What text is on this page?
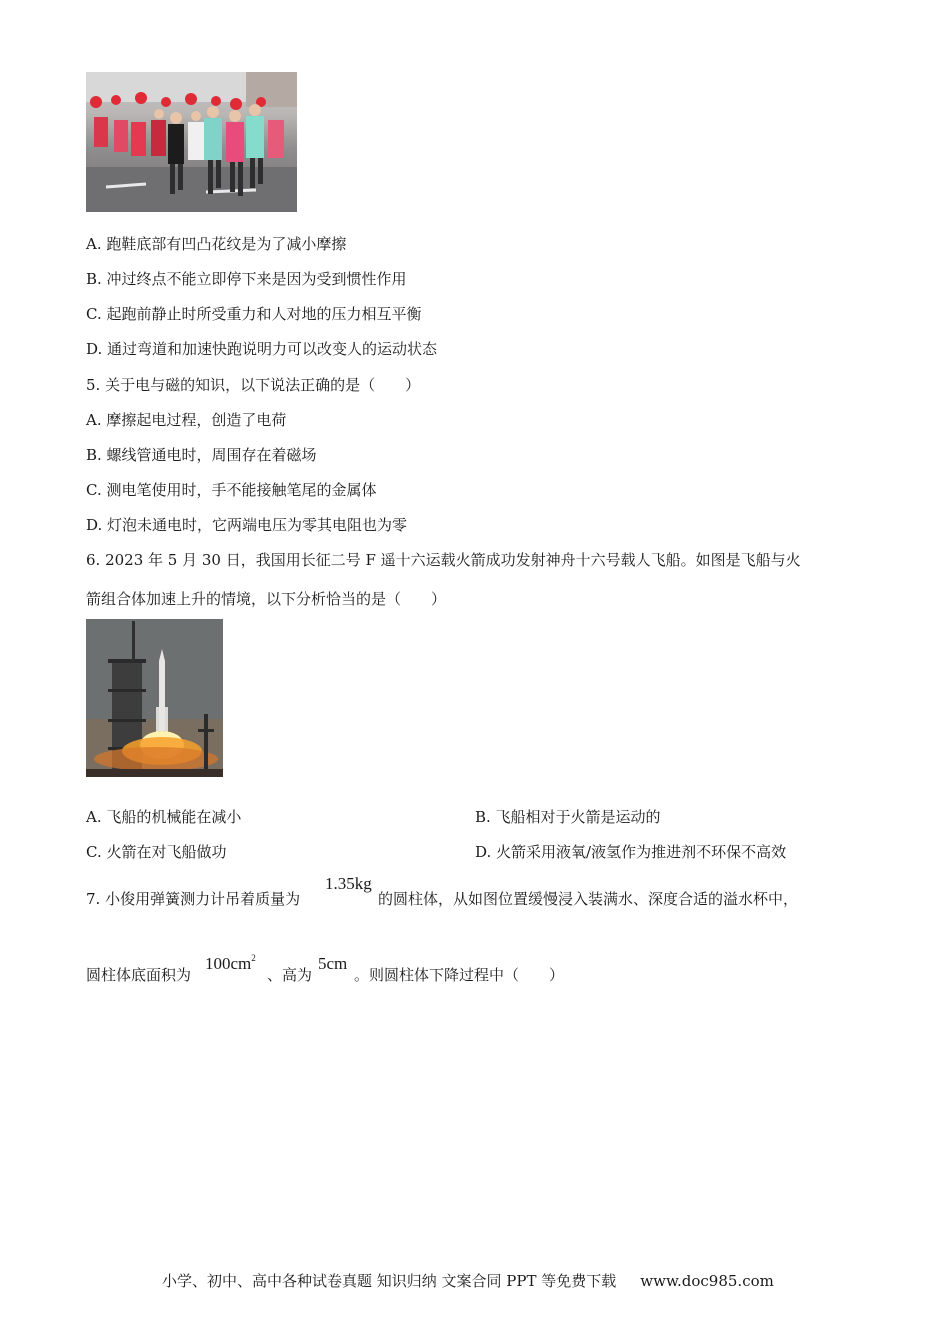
A. 跑鞋底部有凹凸花纹是为了减小摩擦
B. 冲过终点不能立即停下来是因为受到惯性作用
C. 起跑前静止时所受重力和人对地的压力相互平衡
D. 通过弯道和加速快跑说明力可以改变人的运动状态
5. 关于电与磁的知识，以下说法正确的是（　　）
A. 摩擦起电过程，创造了电荷
B. 螺线管通电时，周围存在着磁场
C. 测电笔使用时，手不能接触笔尾的金属体
D. 灯泡未通电时，它两端电压为零其电阻也为零
6. 2023 年 5 月 30 日，我国用长征二号 F 遥十六运载火箭成功发射神舟十六号载人飞船。如图是飞船与火
箭组合体加速上升的情境，以下分析恰当的是（　　）
A. 飞船的机械能在减小	B. 飞船相对于火箭是运动的
C. 火箭在对飞船做功	D. 火箭采用液氧/液氢作为推进剂不环保不高效
7. 小俊用弹簧测力计吊着质量为
1.35kg
的圆柱体，从如图位置缓慢浸入装满水、深度合适的溢水杯中，
圆柱体底面积为
$100cm^2$
、高为
5cm
。则圆柱体下降过程中（　　）
小学、初中、高中各种试卷真题 知识归纳 文案合同 PPT 等免费下载 www.doc985.com
